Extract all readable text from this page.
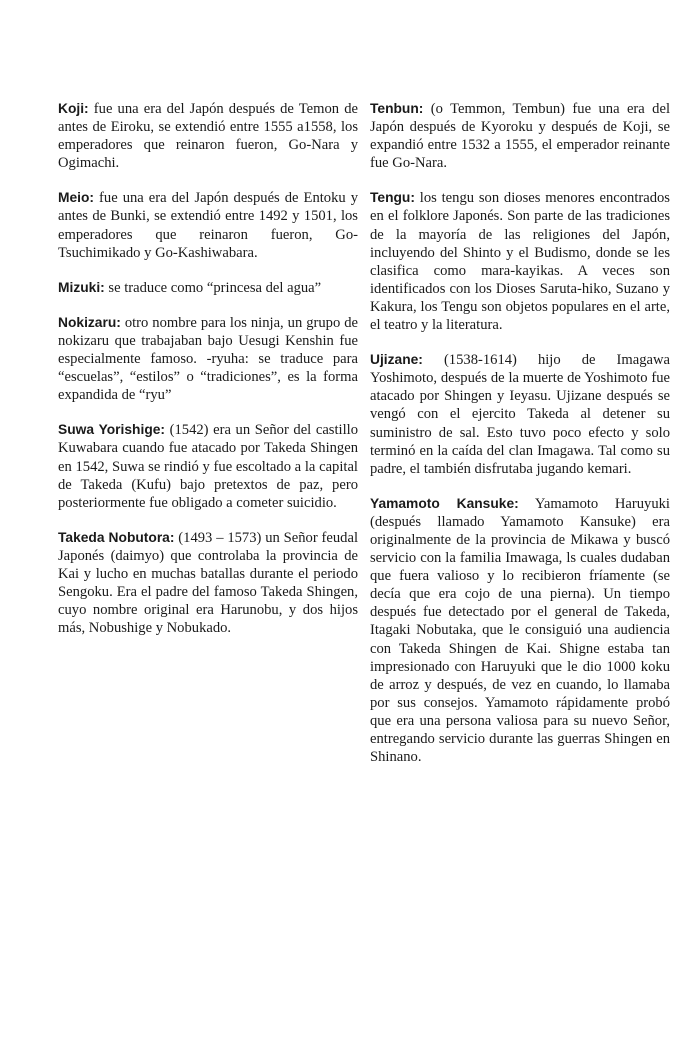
Koji: fue una era del Japón después de Temon de antes de Eiroku, se extendió entre 1555 a1558, los emperadores que reinaron fueron, Go-Nara y Ogimachi.

Meio: fue una era del Japón después de Entoku y antes de Bunki, se extendió entre 1492 y 1501, los emperadores que reinaron fueron, Go-Tsuchimikado y Go-Kashiwabara.

Mizuki: se traduce como “princesa del agua”

Nokizaru: otro nombre para los ninja, un grupo de nokizaru que trabajaban bajo Uesugi Kenshin fue especialmente famoso. -ryuha: se traduce para “escuelas”, “estilos” o “tradiciones”, es la forma expandida de “ryu”

Suwa Yorishige: (1542) era un Señor del castillo Kuwabara cuando fue atacado por Takeda Shingen en 1542, Suwa se rindió y fue escoltado a la capital de Takeda (Kufu) bajo pretextos de paz, pero posteriormente fue obligado a cometer suicidio.

Takeda Nobutora: (1493 – 1573) un Señor feudal Japonés (daimyo) que controlaba la provincia de Kai y lucho en muchas batallas durante el periodo Sengoku. Era el padre del famoso Takeda Shingen, cuyo nombre original era Harunobu, y dos hijos más, Nobushige y Nobukado.

Tenbun: (o Temmon, Tembun) fue una era del Japón después de Kyoroku y después de Koji, se expandió entre 1532 a 1555, el emperador reinante fue Go-Nara.

Tengu: los tengu son dioses menores encontrados en el folklore Japonés. Son parte de las tradiciones de la mayoría de las religiones del Japón, incluyendo del Shinto y el Budismo, donde se les clasifica como mara-kayikas. A veces son identificados con los Dioses Saruta-hiko, Suzano y Kakura, los Tengu son objetos populares en el arte, el teatro y la literatura.

Ujizane: (1538-1614) hijo de Imagawa Yoshimoto, después de la muerte de Yoshimoto fue atacado por Shingen y Ieyasu. Ujizane después se vengó con el ejercito Takeda al detener su suministro de sal. Esto tuvo poco efecto y solo terminó en la caída del clan Imagawa. Tal como su padre, el también disfrutaba jugando kemari.

Yamamoto Kansuke: Yamamoto Haruyuki (después llamado Yamamoto Kansuke) era originalmente de la provincia de Mikawa y buscó servicio con la familia Imawaga, ls cuales dudaban que fuera valioso y lo recibieron fríamente (se decía que era cojo de una pierna). Un tiempo después fue detectado por el general de Takeda, Itagaki Nobutaka, que le consiguió una audiencia con Takeda Shingen de Kai. Shigne estaba tan impresionado con Haruyuki que le dio 1000 koku de arroz y después, de vez en cuando, lo llamaba por sus consejos. Yamamoto rápidamente probó que era una persona valiosa para su nuevo Señor, entregando servicio durante las guerras Shingen en Shinano.
